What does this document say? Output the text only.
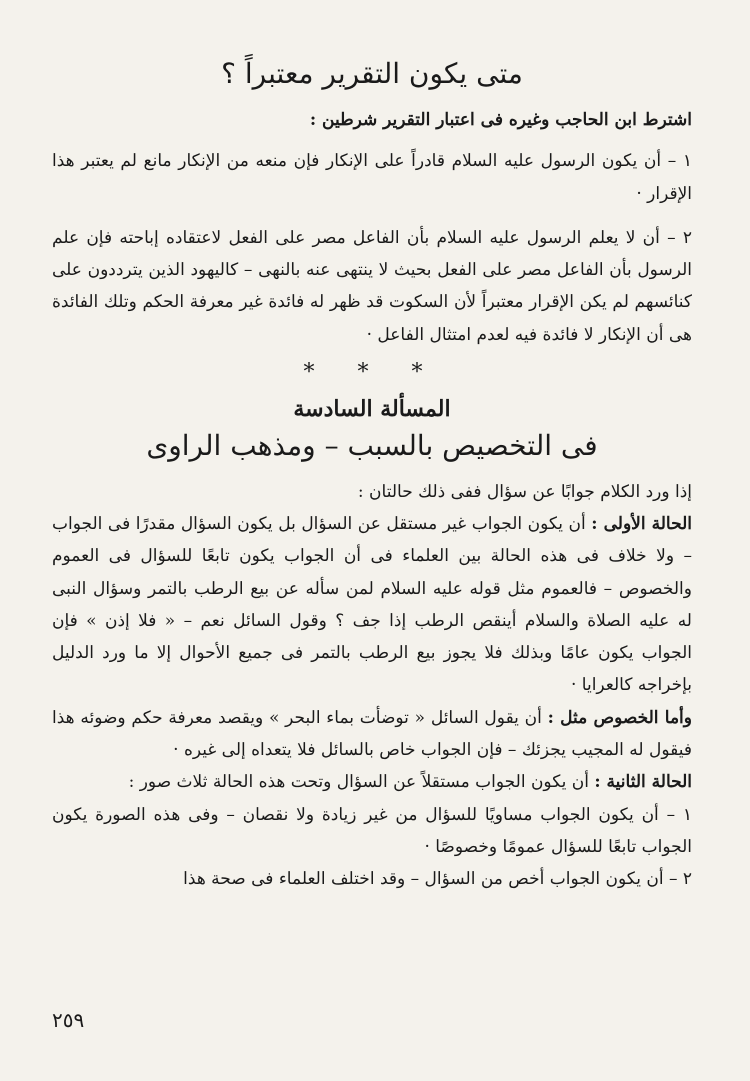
متى يكون التقرير معتبراً ؟
اشترط ابن الحاجب وغيره فى اعتبار التقرير شرطين :

١ – أن يكون الرسول عليه السلام قادراً على الإنكار فإن منعه من الإنكار مانع لم يعتبر هذا الإقرار ·

٢ – أن لا يعلم الرسول عليه السلام بأن الفاعل مصر على الفعل لاعتقاده إباحته فإن علم الرسول بأن الفاعل مصر على الفعل بحيث لا ينتهى عنه بالنهى – كاليهود الذين يترددون على كنائسهم لم يكن الإقرار معتبراً لأن السكوت قد ظهر له فائدة غير معرفة الحكم وتلك الفائدة هى أن الإنكار لا فائدة فيه لعدم امتثال الفاعل ·

* * *
المسألة السادسة
فى التخصيص بالسبب – ومذهب الراوى

إذا ورد الكلام جوابًا عن سؤال ففى ذلك حالتان :

الحالة الأولى : أن يكون الجواب غير مستقل عن السؤال بل يكون السؤال مقدرًا فى الجواب – ولا خلاف فى هذه الحالة بين العلماء فى أن الجواب يكون تابعًا للسؤال فى العموم والخصوص – فالعموم مثل قوله عليه السلام لمن سأله عن بيع الرطب بالتمر وسؤال النبى له عليه الصلاة والسلام أينقص الرطب إذا جف ؟ وقول السائل نعم – « فلا إذن » فإن الجواب يكون عامًا وبذلك فلا يجوز بيع الرطب بالتمر فى جميع الأحوال إلا ما ورد الدليل بإخراجه كالعرايا ·

وأما الخصوص مثل : أن يقول السائل « توضأت بماء البحر » ويقصد معرفة حكم وضوئه هذا فيقول له المجيب يجزئك – فإن الجواب خاص بالسائل فلا يتعداه إلى غيره ·

الحالة الثانية : أن يكون الجواب مستقلاً عن السؤال وتحت هذه الحالة ثلاث صور :

١ – أن يكون الجواب مساويًا للسؤال من غير زيادة ولا نقصان – وفى هذه الصورة يكون الجواب تابعًا للسؤال عمومًا وخصوصًا ·

٢ – أن يكون الجواب أخص من السؤال – وقد اختلف العلماء فى صحة هذا

٢٥٩
